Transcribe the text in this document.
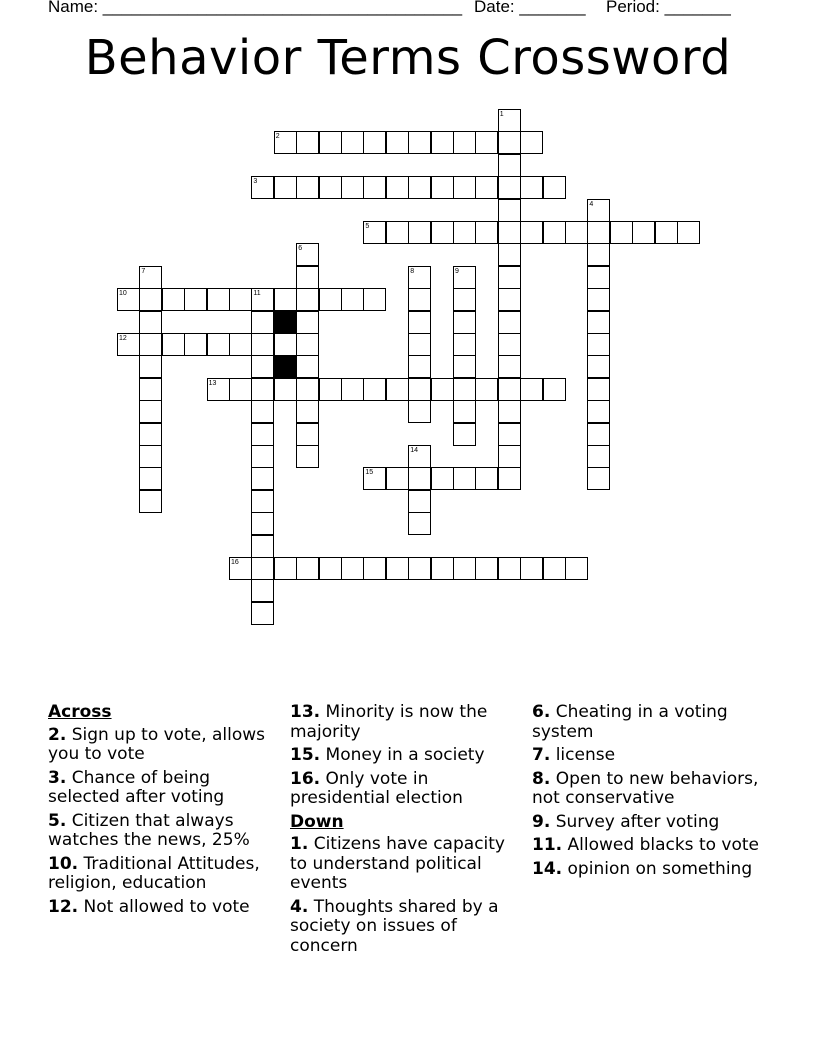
Name: ______________________________________ Date: _______ Period: _______
Behavior Terms Crossword
1
2
3
4
5
6
7	8	9
10	11
12
13
14
15
16
Across
2. Sign up to vote, allows you to vote
3. Chance of being selected after voting
5. Citizen that always watches the news, 25%
10. Traditional Attitudes, religion, education
12. Not allowed to vote
13. Minority is now the majority
15. Money in a society
16. Only vote in presidential election
Down
1. Citizens have capacity to understand political events
4. Thoughts shared by a society on issues of concern
6. Cheating in a voting system
7. license
8. Open to new behaviors, not conservative
9. Survey after voting
11. Allowed blacks to vote
14. opinion on something
